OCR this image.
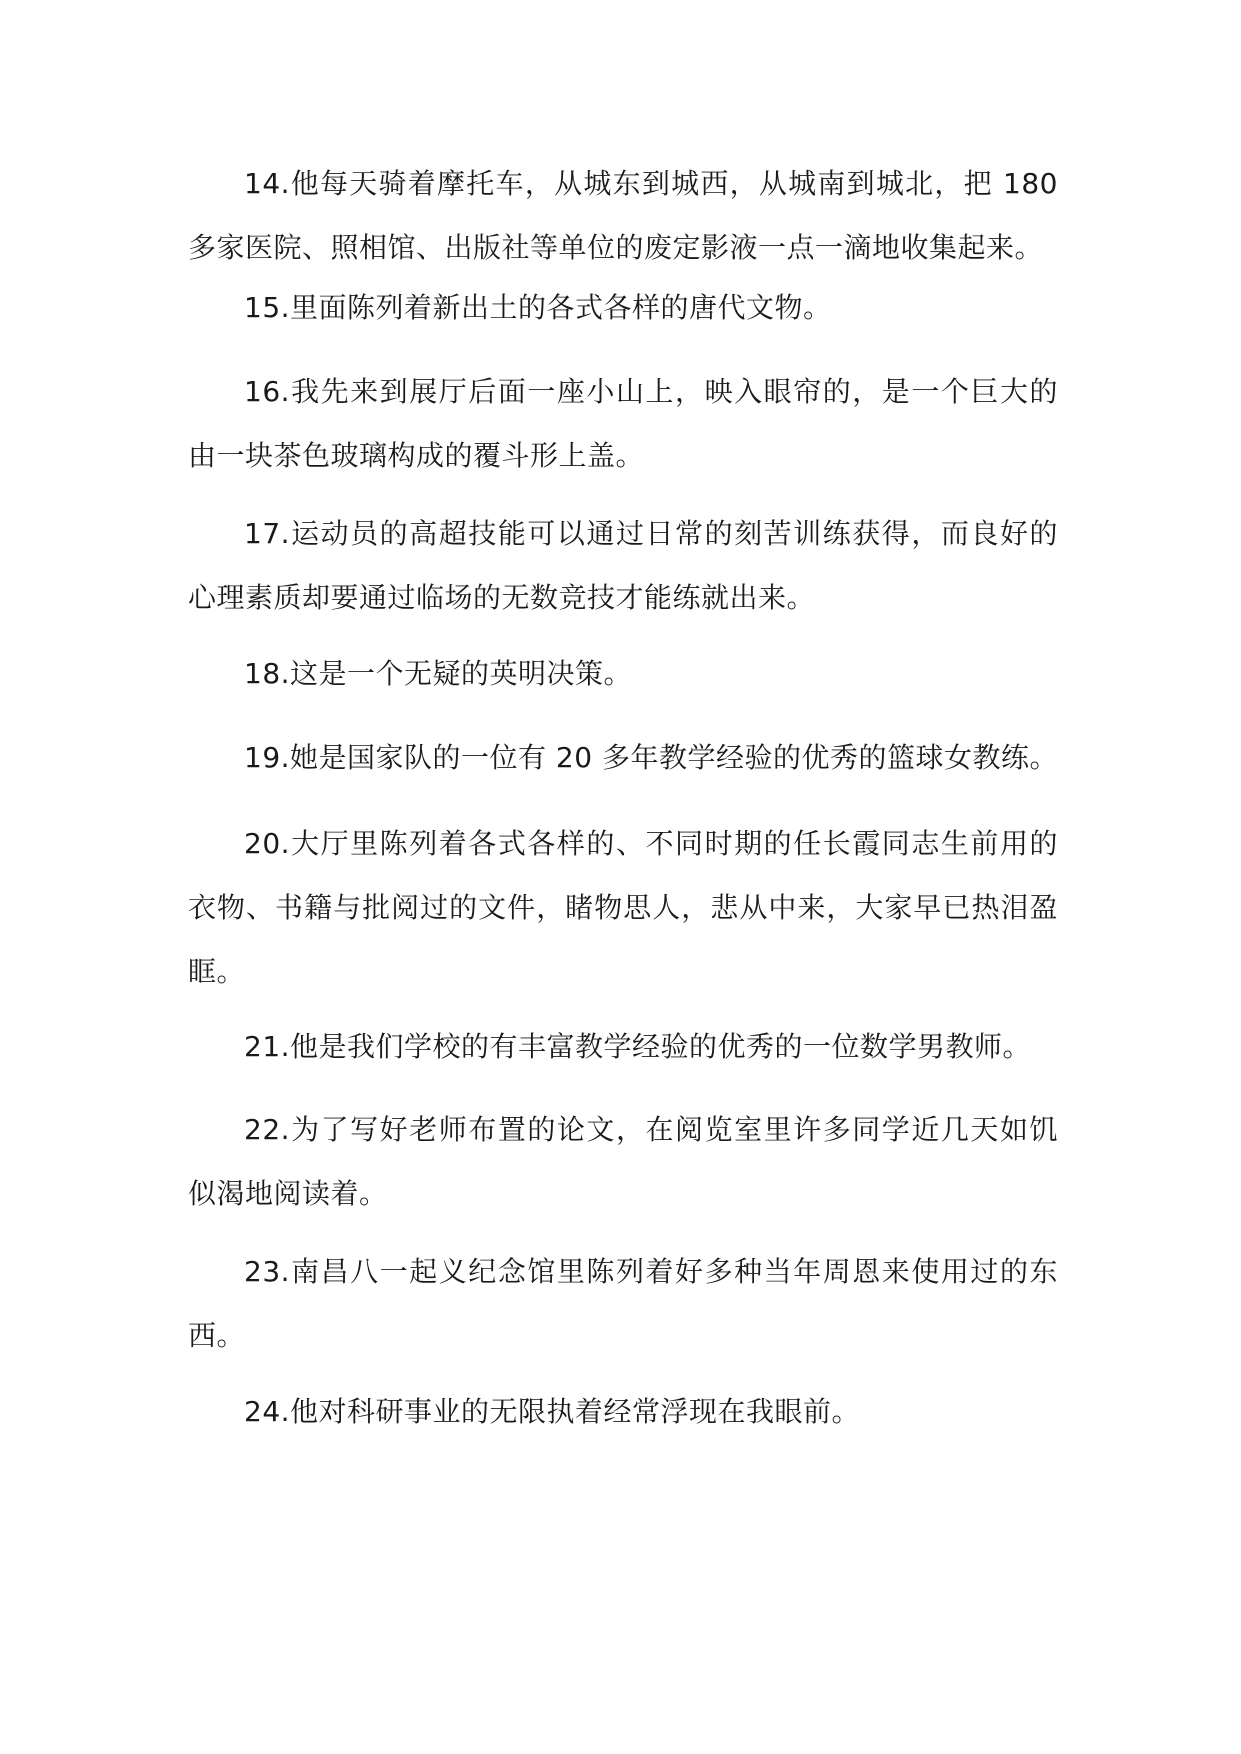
14.他每天骑着摩托车，从城东到城西，从城南到城北，把 180 多家医院、照相馆、出版社等单位的废定影液一点一滴地收集起来。

15.里面陈列着新出土的各式各样的唐代文物。

16.我先来到展厅后面一座小山上，映入眼帘的，是一个巨大的由一块茶色玻璃构成的覆斗形上盖。

17.运动员的高超技能可以通过日常的刻苦训练获得，而良好的心理素质却要通过临场的无数竞技才能练就出来。

18.这是一个无疑的英明决策。

19.她是国家队的一位有 20 多年教学经验的优秀的篮球女教练。

20.大厅里陈列着各式各样的、不同时期的任长霞同志生前用的衣物、书籍与批阅过的文件，睹物思人，悲从中来，大家早已热泪盈眶。

21.他是我们学校的有丰富教学经验的优秀的一位数学男教师。

22.为了写好老师布置的论文，在阅览室里许多同学近几天如饥似渴地阅读着。

23.南昌八一起义纪念馆里陈列着好多种当年周恩来使用过的东西。

24.他对科研事业的无限执着经常浮现在我眼前。
